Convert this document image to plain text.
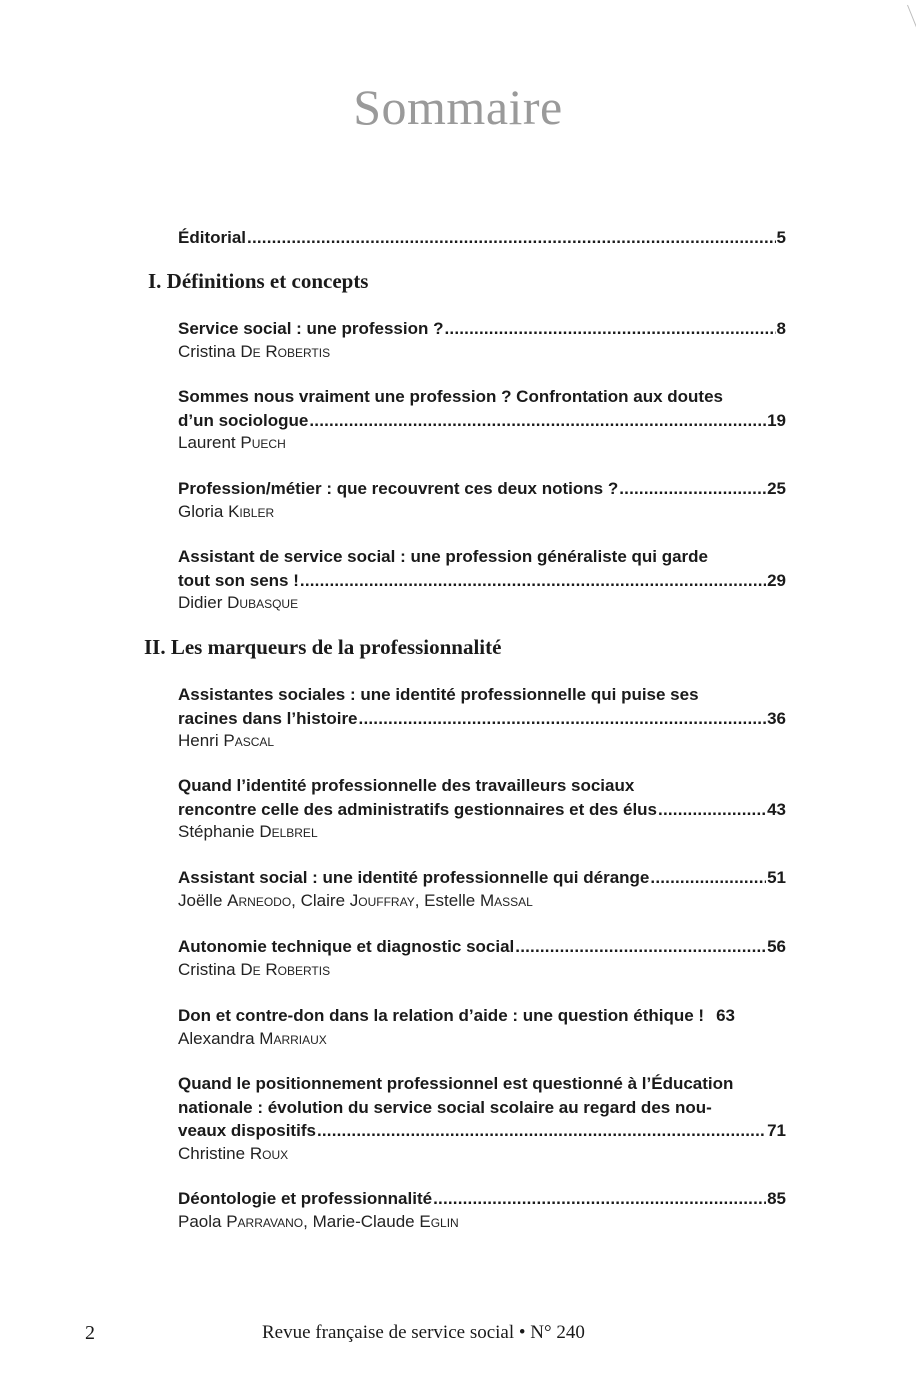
Sommaire
Éditorial .....	5
I. Définitions et concepts
Service social : une profession ? .....	8
Cristina De Robertis
Sommes nous vraiment une profession ? Confrontation aux doutes
d’un sociologue .....	19
Laurent Puech
Profession/métier : que recouvrent ces deux notions ? .....	25
Gloria Kibler
Assistant de service social : une profession généraliste qui garde
tout son sens ! .....	29
Didier Dubasque
II. Les marqueurs de la professionnalité
Assistantes sociales : une identité professionnelle qui puise ses
racines dans l’histoire .....	36
Henri Pascal
Quand l’identité professionnelle des travailleurs sociaux
rencontre celle des administratifs gestionnaires et des élus .....	43
Stéphanie Delbrel
Assistant social : une identité professionnelle qui dérange .....	51
Joëlle Arneodo, Claire Jouffray, Estelle Massal
Autonomie technique et diagnostic social .....	56
Cristina De Robertis
Don et contre-don dans la relation d’aide : une question éthique ! 63
Alexandra Marriaux
Quand le positionnement professionnel est questionné à l’Éducation
nationale : évolution du service social scolaire au regard des nou-
veaux dispositifs .....	71
Christine Roux
Déontologie et professionnalité .....	85
Paola Parravano, Marie-Claude Eglin
2	Revue française de service social • N° 240
